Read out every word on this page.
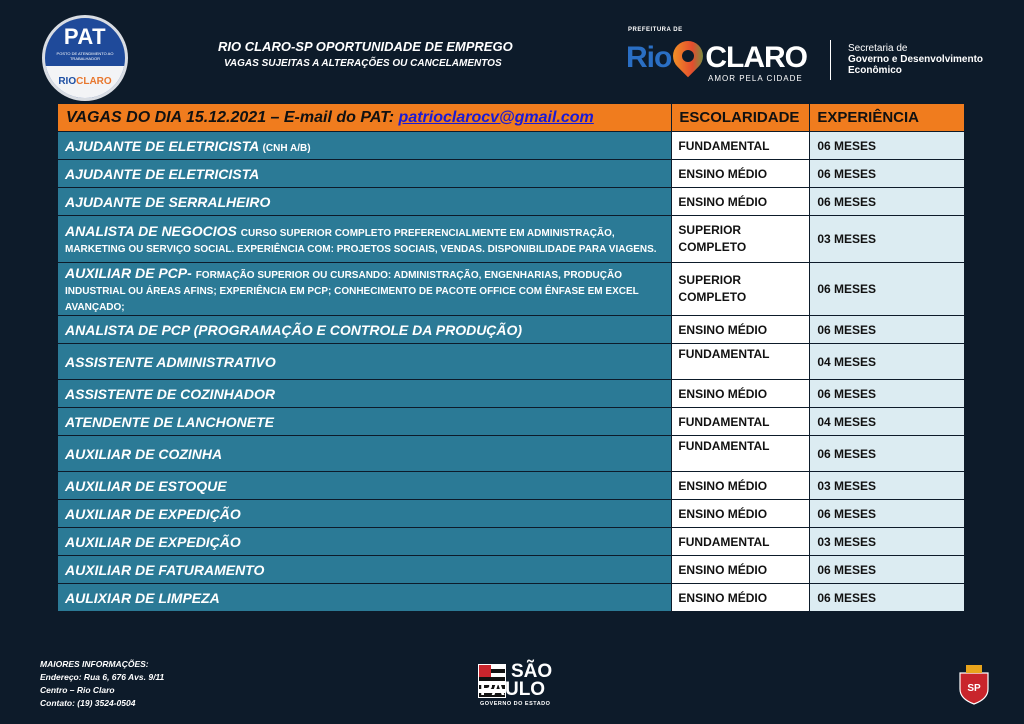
PAT
POSTO DE ATENDIMENTO AO TRABALHADOR
RIOCLARO
RIO CLARO-SP OPORTUNIDADE DE EMPREGO
VAGAS SUJEITAS A ALTERAÇÕES OU CANCELAMENTOS
PREFEITURA DE
Rio CLARO
AMOR PELA CIDADE
Secretaria de
Governo e Desenvolvimento
Econômico
VAGAS DO DIA 15.12.2021 – E-mail do PAT: patrioclarocv@gmail.com	ESCOLARIDADE	EXPERIÊNCIA
AJUDANTE DE ELETRICISTA (CNH A/B)	FUNDAMENTAL	06 MESES
AJUDANTE DE ELETRICISTA	ENSINO MÉDIO	06 MESES
AJUDANTE DE SERRALHEIRO	ENSINO MÉDIO	06 MESES
ANALISTA DE NEGOCIOS CURSO SUPERIOR COMPLETO PREFERENCIALMENTE EM ADMINISTRAÇÃO, MARKETING OU SERVIÇO SOCIAL. EXPERIÊNCIA COM: PROJETOS SOCIAIS, VENDAS. DISPONIBILIDADE PARA VIAGENS.	SUPERIOR COMPLETO	03 MESES
AUXILIAR DE PCP- FORMAÇÃO SUPERIOR OU CURSANDO: ADMINISTRAÇÃO, ENGENHARIAS, PRODUÇÃO INDUSTRIAL OU ÁREAS AFINS; EXPERIÊNCIA EM PCP; CONHECIMENTO DE PACOTE OFFICE COM ÊNFASE EM EXCEL AVANÇADO;	SUPERIOR COMPLETO	06 MESES
ANALISTA DE PCP (PROGRAMAÇÃO E CONTROLE DA PRODUÇÃO)	ENSINO MÉDIO	06 MESES
ASSISTENTE ADMINISTRATIVO	FUNDAMENTAL	04 MESES
ASSISTENTE DE COZINHADOR	ENSINO MÉDIO	06 MESES
ATENDENTE DE LANCHONETE	FUNDAMENTAL	04 MESES
AUXILIAR DE COZINHA	FUNDAMENTAL	06 MESES
AUXILIAR DE ESTOQUE	ENSINO MÉDIO	03 MESES
AUXILIAR DE EXPEDIÇÃO	ENSINO MÉDIO	06 MESES
AUXILIAR DE EXPEDIÇÃO	FUNDAMENTAL	03 MESES
AUXILIAR DE FATURAMENTO	ENSINO MÉDIO	06 MESES
AULIXIAR DE LIMPEZA	ENSINO MÉDIO	06 MESES
MAIORES INFORMAÇÕES:
Endereço: Rua 6, 676 Avs. 9/11
Centro – Rio Claro
Contato: (19) 3524-0504
SÃO
PAULO
GOVERNO DO ESTADO
SP
